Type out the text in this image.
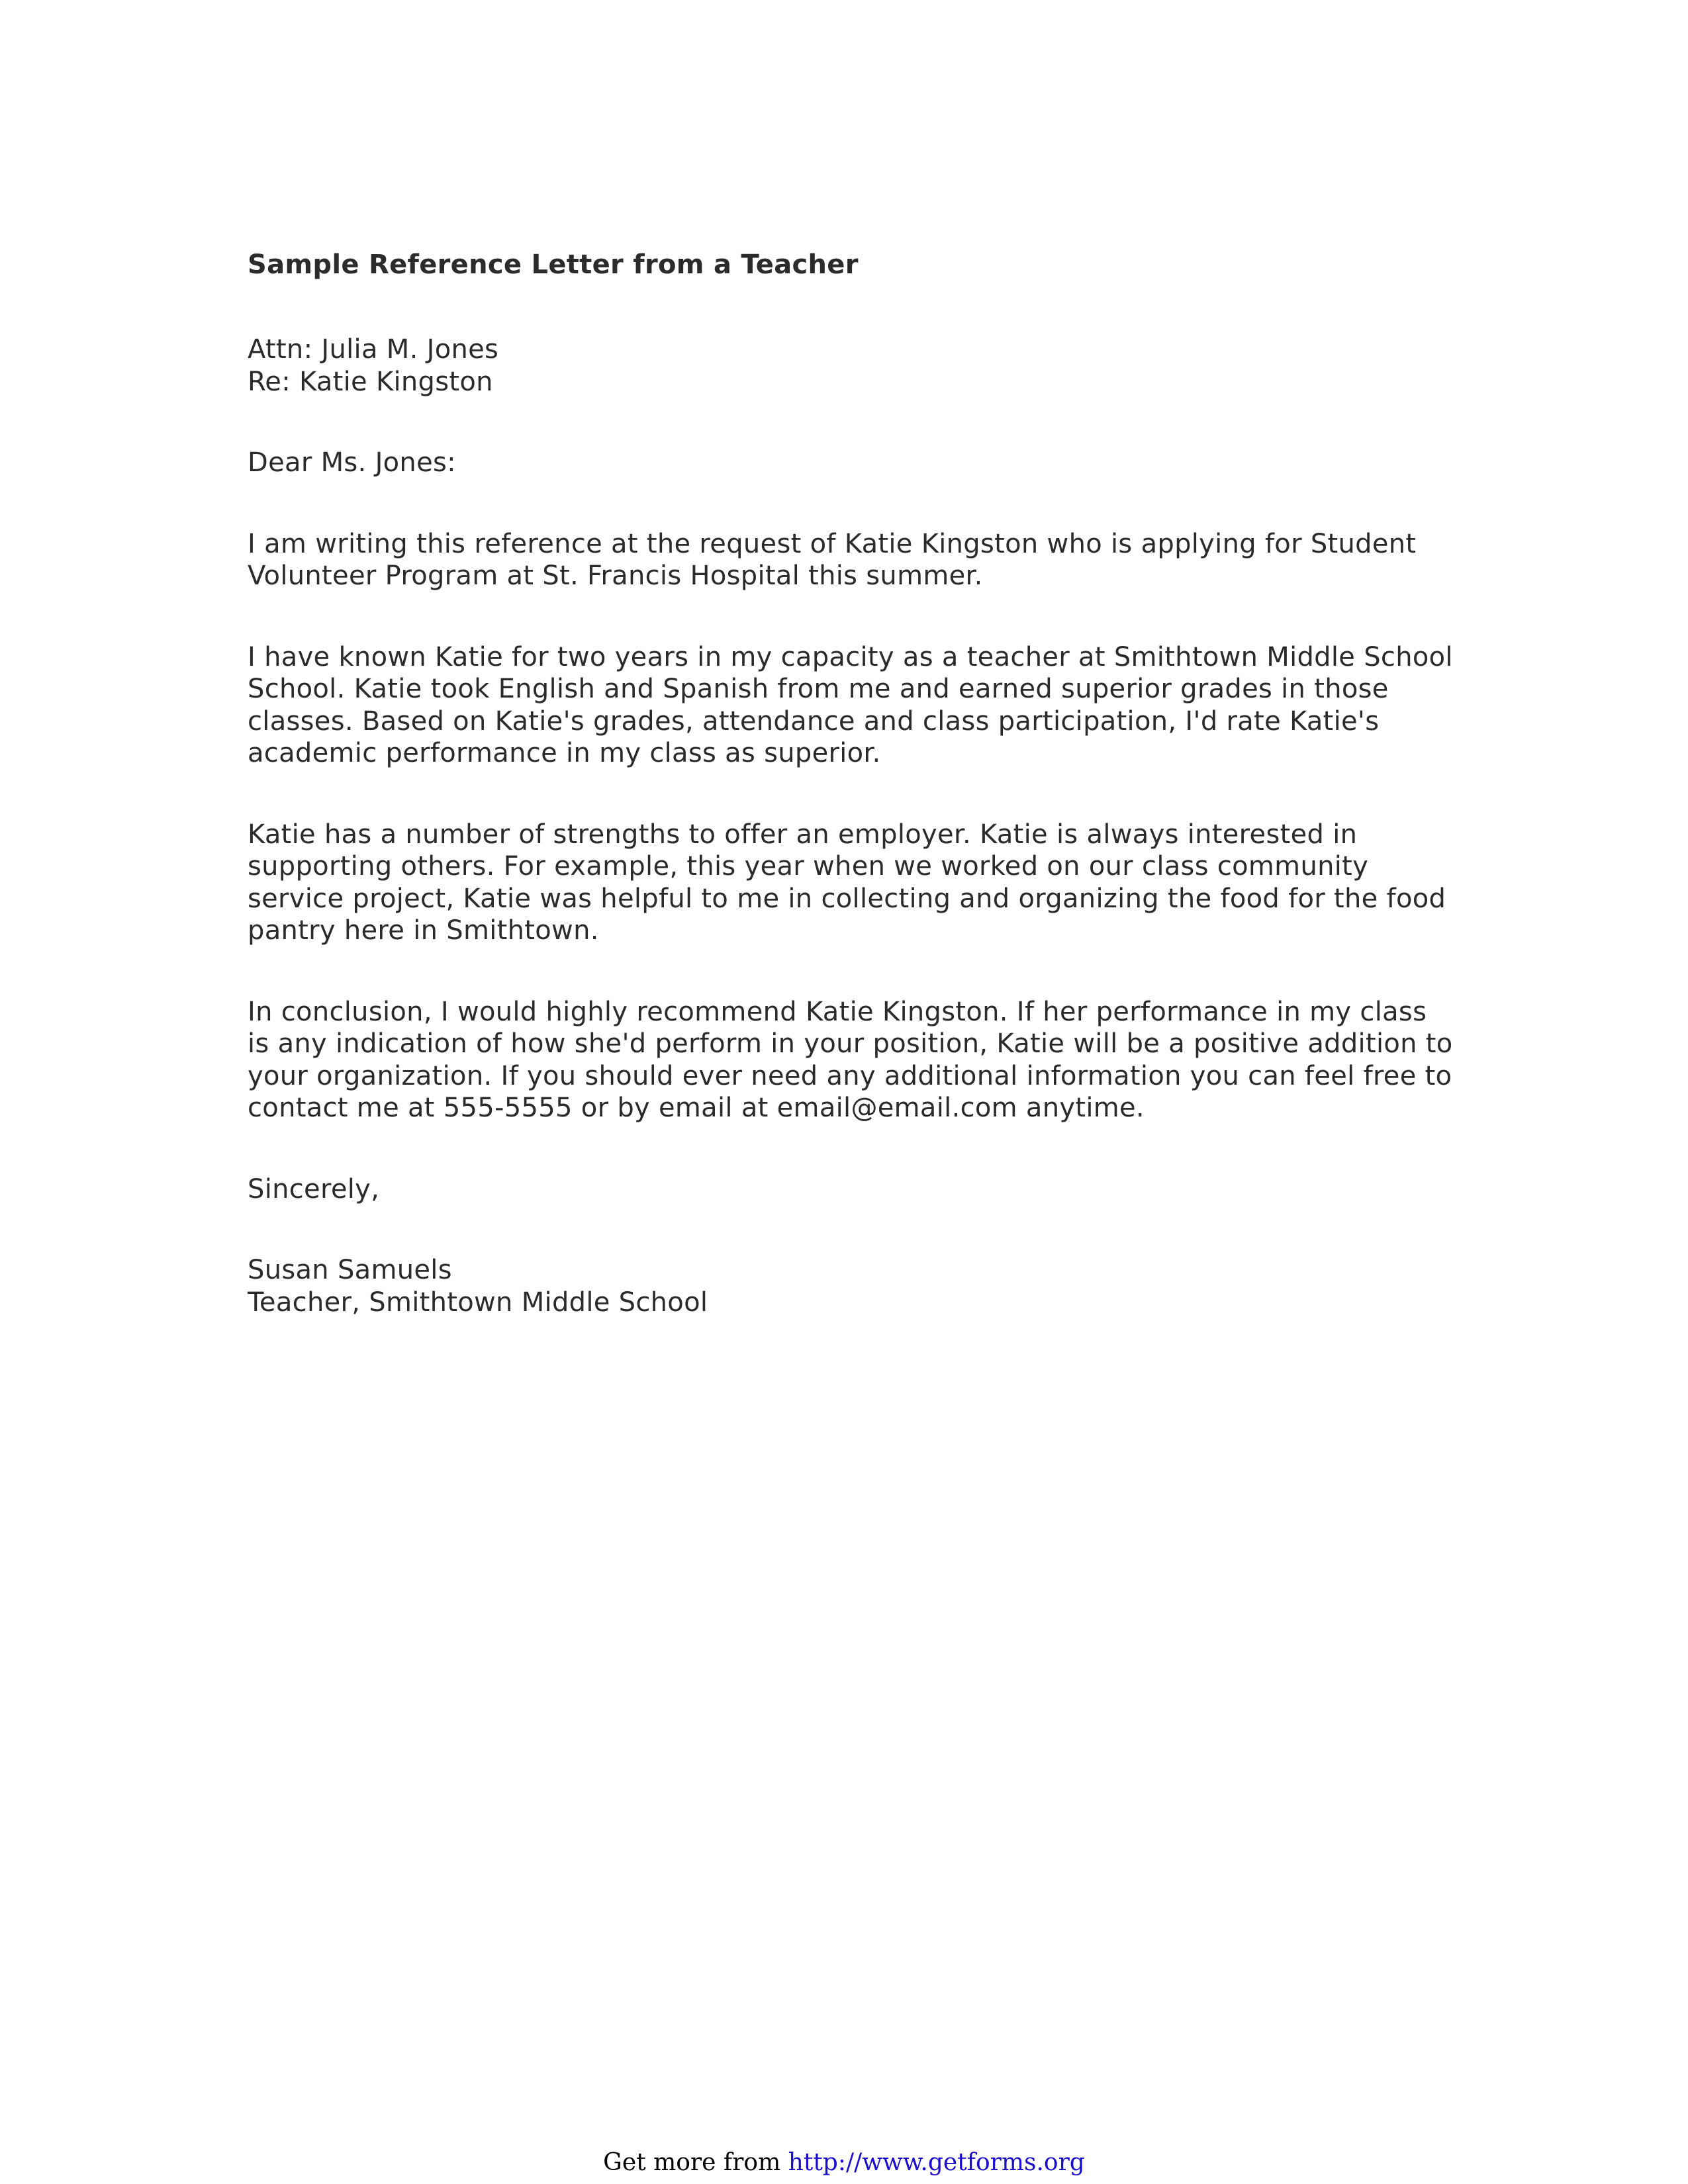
Sample Reference Letter from a Teacher
Attn: Julia M. Jones
Re: Katie Kingston
Dear Ms. Jones:
I am writing this reference at the request of Katie Kingston who is applying for Student
Volunteer Program at St. Francis Hospital this summer.
I have known Katie for two years in my capacity as a teacher at Smithtown Middle School
School. Katie took English and Spanish from me and earned superior grades in those
classes. Based on Katie's grades, attendance and class participation, I'd rate Katie's
academic performance in my class as superior.
Katie has a number of strengths to offer an employer. Katie is always interested in
supporting others. For example, this year when we worked on our class community
service project, Katie was helpful to me in collecting and organizing the food for the food
pantry here in Smithtown.
In conclusion, I would highly recommend Katie Kingston. If her performance in my class
is any indication of how she'd perform in your position, Katie will be a positive addition to
your organization. If you should ever need any additional information you can feel free to
contact me at 555-5555 or by email at email@email.com anytime.
Sincerely,
Susan Samuels
Teacher, Smithtown Middle School
Get more from http://www.getforms.org
